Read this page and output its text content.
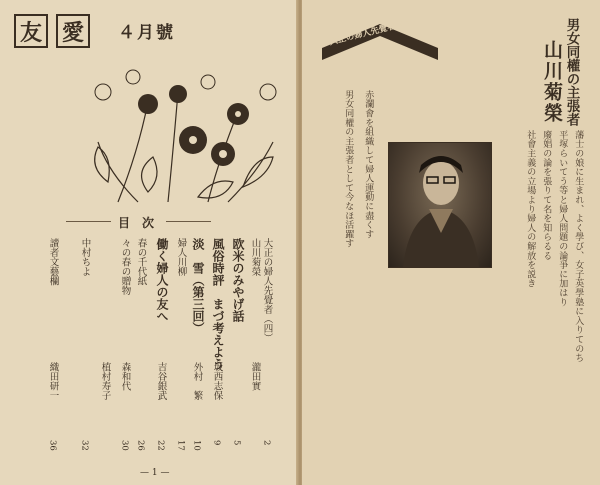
友 愛	４月號
目　次
大正の婦人先覺者（四）
山川菊榮
欧米のみやげ話
風俗時評　まづ考えよう
淡　雪（第三回）
婦人川柳
働く婦人の友へ
春の千代紙
々の春の贈物
中村ちよ
讀者文藝欄
瀧田實
坂西志保
外村　繁
吉谷銀武
森和代
植村寿子
織田研一
2
5
9
10
17
22
26
30
32
36
— 1 —
大正の婦人先覺者（４）	男女同權の主張者
山川菊榮
藩士の娘に生まれ、よく學び、女子英學塾に入りてのち
平塚らいてう等と婦人問題の論爭に加はり
廢娼の論を張りて名を知らるる
社會主義の立場より婦人の解放を説き
赤瀾會を組織して婦人運動に盡くす
男女同權の主張者として今なほ活躍す
